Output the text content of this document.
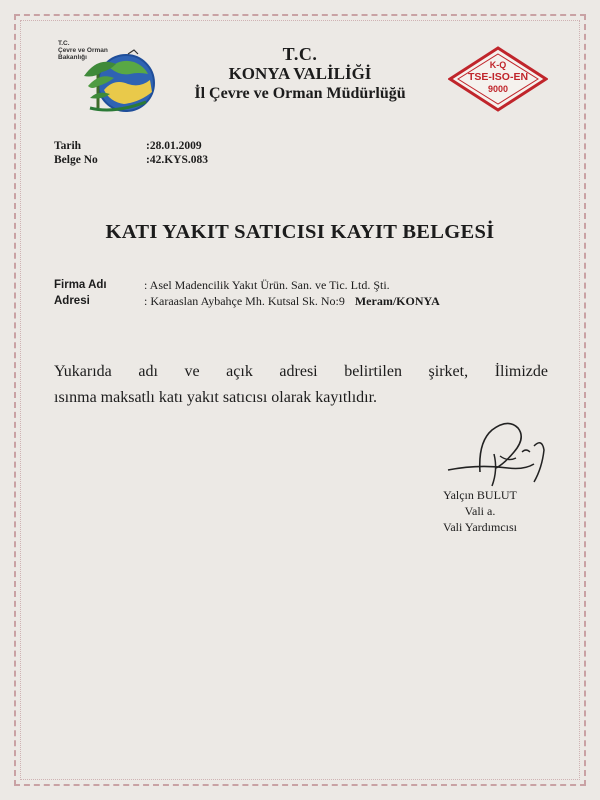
T.C.
Çevre ve Orman
Bakanlığı	T.C.
KONYA VALİLİĞİ
İl Çevre ve Orman Müdürlüğü
K-Q
TSE-ISO-EN
9000
Tarih	:28.01.2009
Belge No	:42.KYS.083
KATI YAKIT SATICISI KAYIT BELGESİ
Firma Adı	: Asel Madencilik Yakıt Ürün. San. ve Tic. Ltd. Şti.
Adresi	: Karaaslan Aybahçe Mh. Kutsal Sk. No:9 Meram/KONYA
Yukarıda adı ve açık adresi belirtilen şirket, İlimizde
ısınma maksatlı katı yakıt satıcısı olarak kayıtlıdır.
Yalçın BULUT
Vali a.
Vali Yardımcısı
